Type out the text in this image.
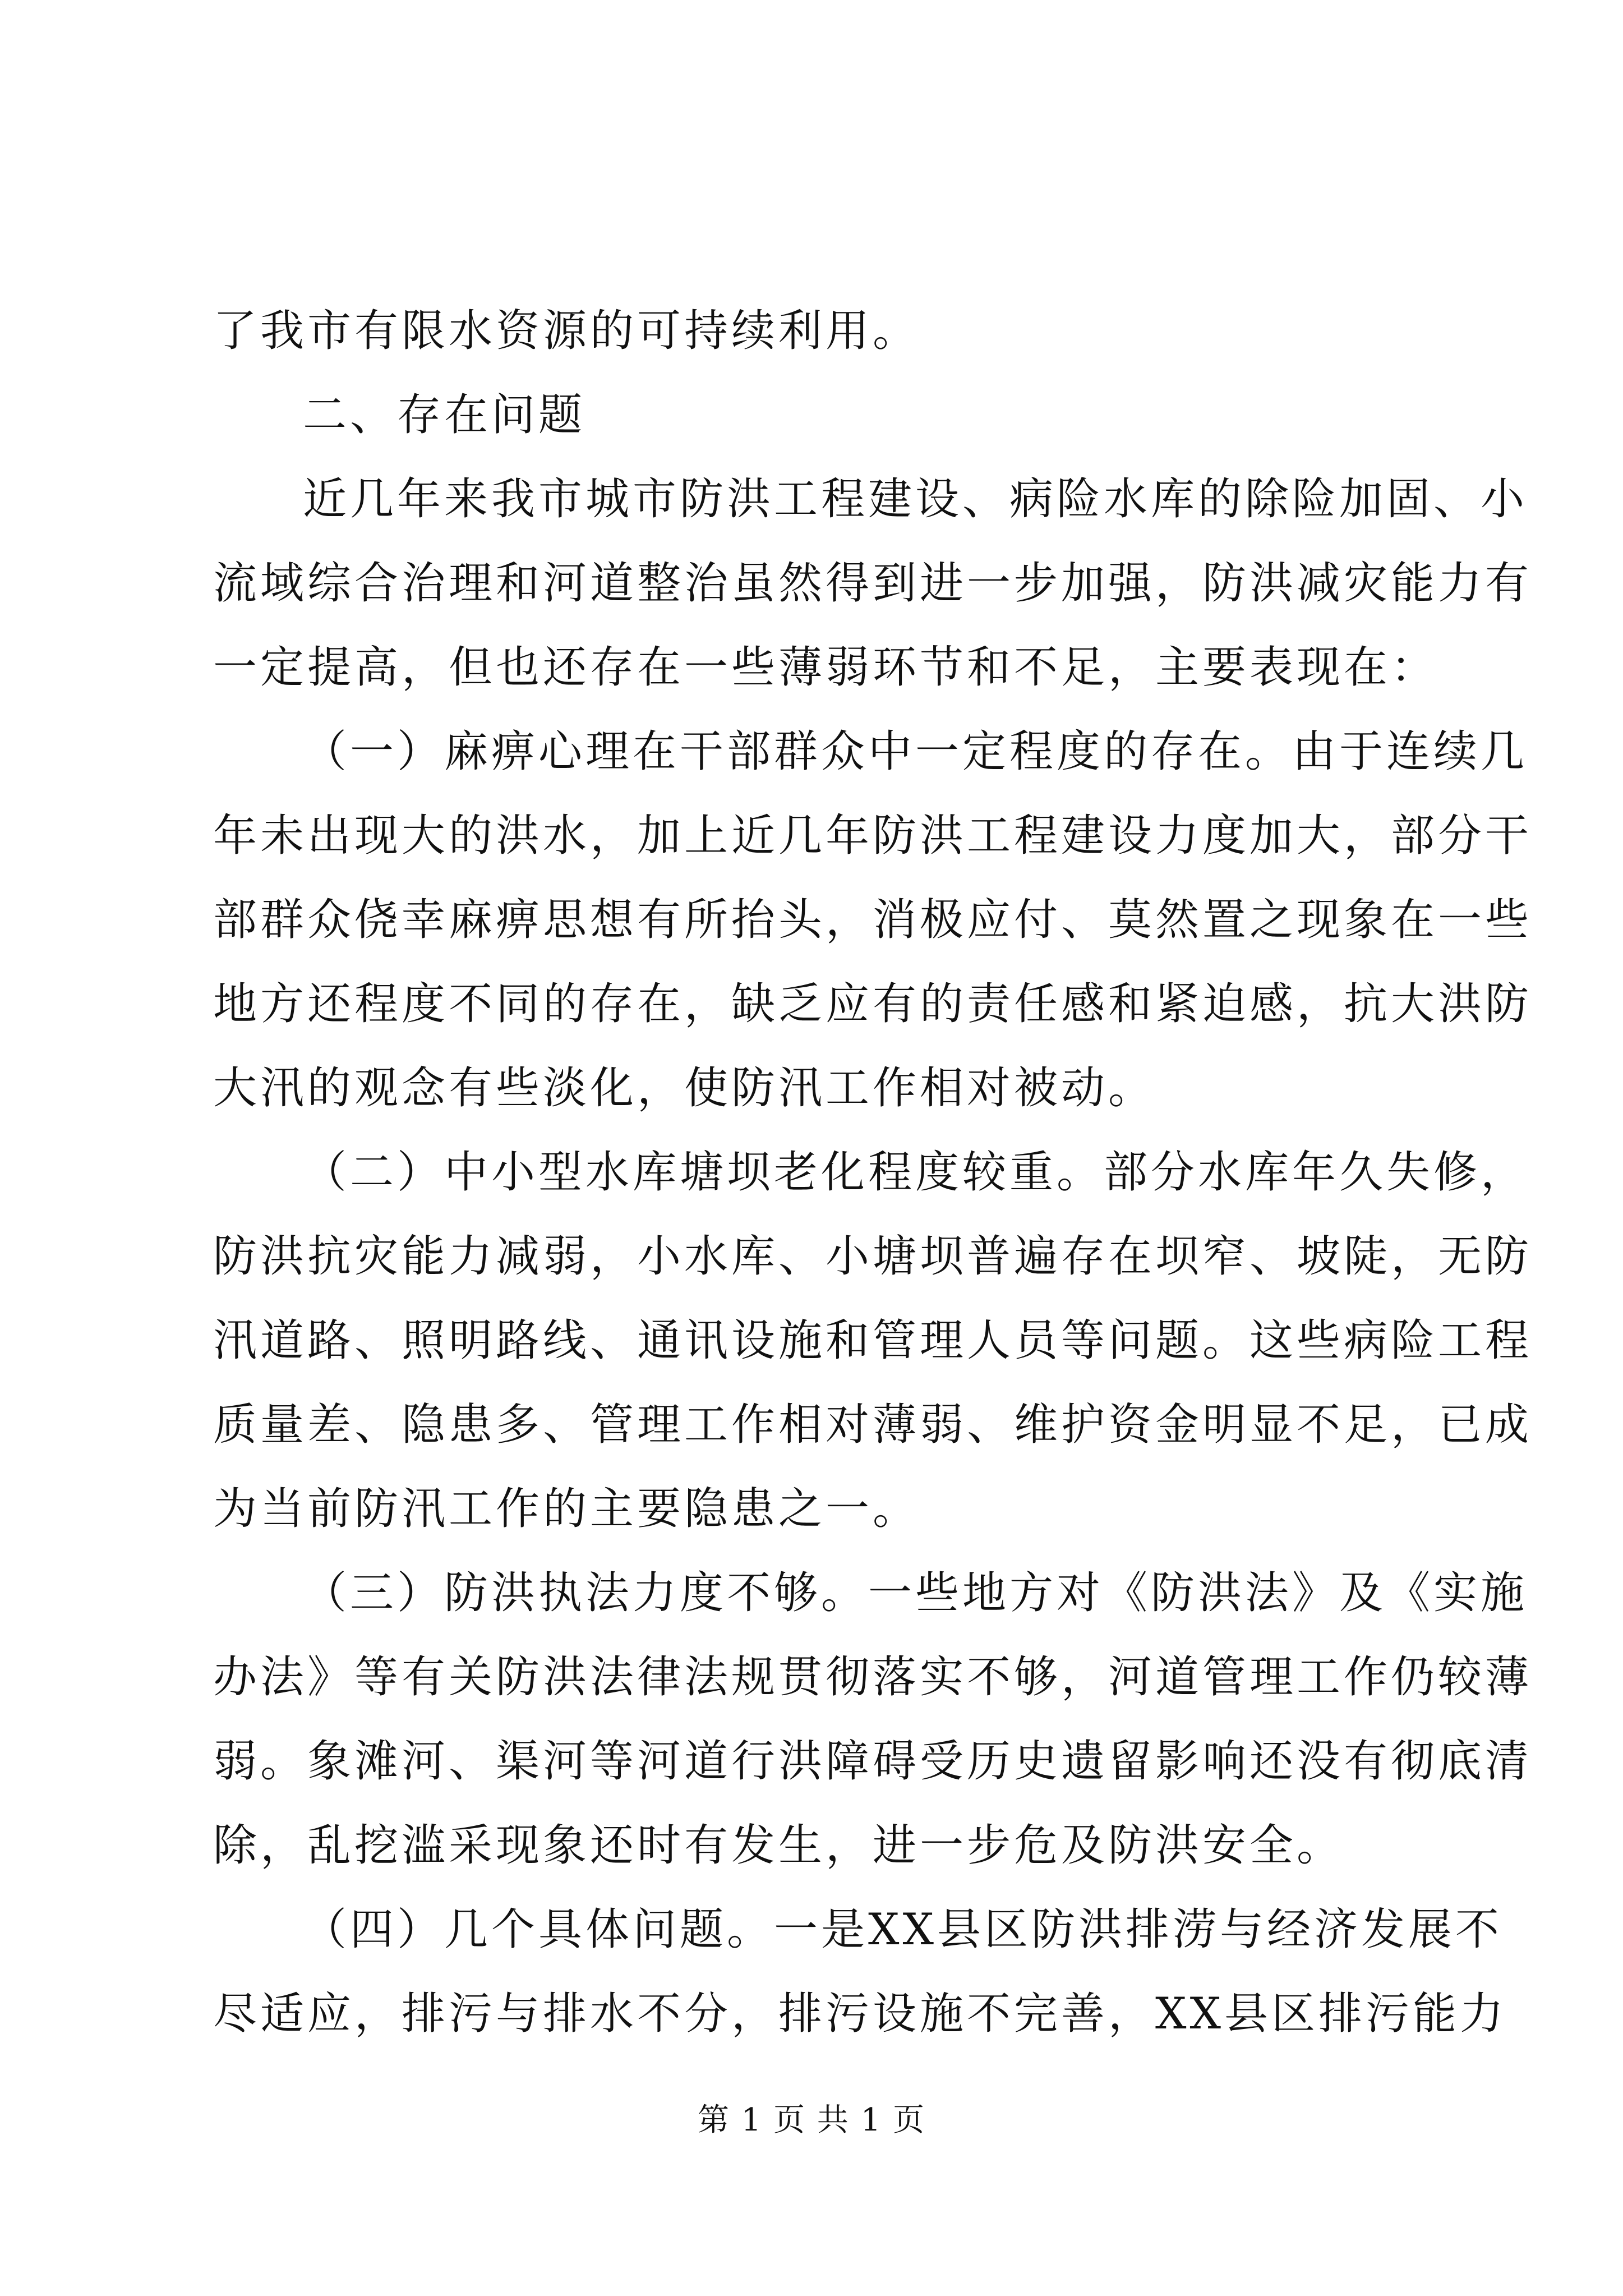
了我市有限水资源的可持续利用。
二、存在问题
近几年来我市城市防洪工程建设、病险水库的除险加固、小
流域综合治理和河道整治虽然得到进一步加强，防洪减灾能力有
一定提高，但也还存在一些薄弱环节和不足，主要表现在：
（一）麻痹心理在干部群众中一定程度的存在。由于连续几
年未出现大的洪水，加上近几年防洪工程建设力度加大，部分干
部群众侥幸麻痹思想有所抬头，消极应付、莫然置之现象在一些
地方还程度不同的存在，缺乏应有的责任感和紧迫感，抗大洪防
大汛的观念有些淡化，使防汛工作相对被动。
（二）中小型水库塘坝老化程度较重。部分水库年久失修，
防洪抗灾能力减弱，小水库、小塘坝普遍存在坝窄、坡陡，无防
汛道路、照明路线、通讯设施和管理人员等问题。这些病险工程
质量差、隐患多、管理工作相对薄弱、维护资金明显不足，已成
为当前防汛工作的主要隐患之一。
（三）防洪执法力度不够。一些地方对《防洪法》及《实施
办法》等有关防洪法律法规贯彻落实不够，河道管理工作仍较薄
弱。象滩河、渠河等河道行洪障碍受历史遗留影响还没有彻底清
除，乱挖滥采现象还时有发生，进一步危及防洪安全。
（四）几个具体问题。一是XX县区防洪排涝与经济发展不
尽适应，排污与排水不分，排污设施不完善，XX县区排污能力
第 1 页 共 1 页
